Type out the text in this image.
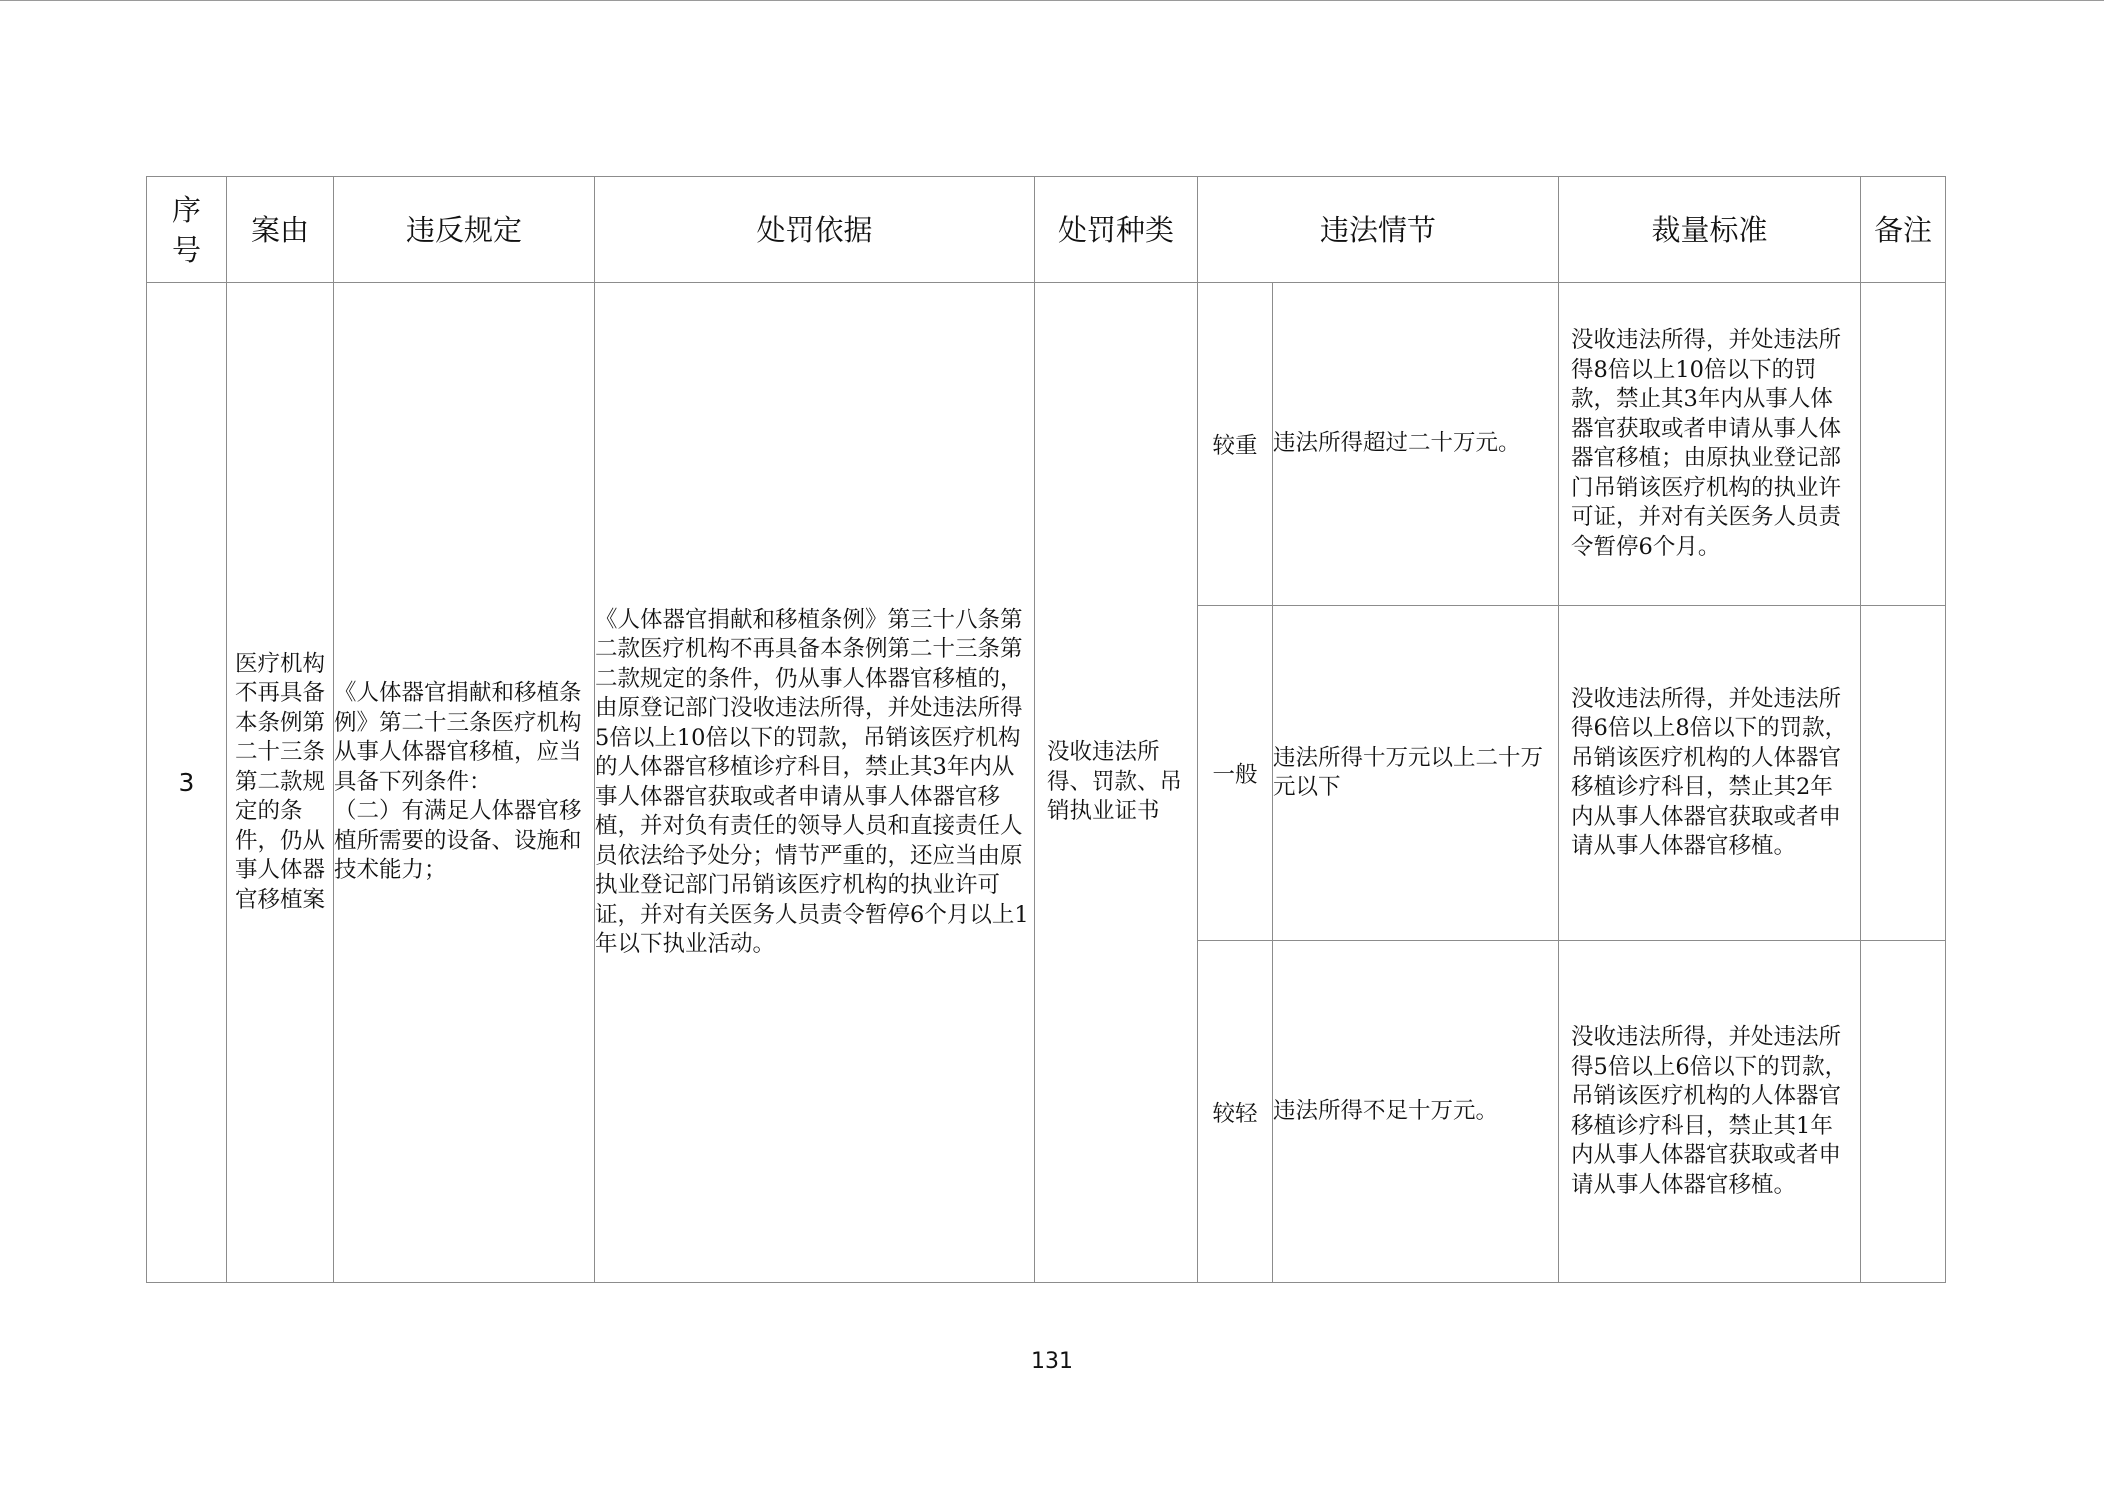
序
号	案由	违反规定	处罚依据	处罚种类	违法情节		裁量标准	备注
3	医疗机构不再具备本条例第二十三条第二款规定的条件，仍从事人体器官移植案	《人体器官捐献和移植条例》第二十三条医疗机构从事人体器官移植，应当具备下列条件：
（二）有满足人体器官移植所需要的设备、设施和技术能力；	《人体器官捐献和移植条例》第三十八条第二款医疗机构不再具备本条例第二十三条第二款规定的条件，仍从事人体器官移植的，由原登记部门没收违法所得，并处违法所得5倍以上10倍以下的罚款，吊销该医疗机构的人体器官移植诊疗科目，禁止其3年内从事人体器官获取或者申请从事人体器官移植，并对负有责任的领导人员和直接责任人员依法给予处分；情节严重的，还应当由原执业登记部门吊销该医疗机构的执业许可证，并对有关医务人员责令暂停6个月以上1年以下执业活动。	没收违法所得、罚款、吊销执业证书	较重	违法所得超过二十万元。	没收违法所得，并处违法所得8倍以上10倍以下的罚款，禁止其3年内从事人体器官获取或者申请从事人体器官移植；由原执业登记部门吊销该医疗机构的执业许可证，并对有关医务人员责令暂停6个月。	

					一般	违法所得十万元以上二十万元以下	没收违法所得，并处违法所得6倍以上8倍以下的罚款，吊销该医疗机构的人体器官移植诊疗科目，禁止其2年内从事人体器官获取或者申请从事人体器官移植。	

					较轻	违法所得不足十万元。	没收违法所得，并处违法所得5倍以上6倍以下的罚款，吊销该医疗机构的人体器官移植诊疗科目，禁止其1年内从事人体器官获取或者申请从事人体器官移植。	

131
